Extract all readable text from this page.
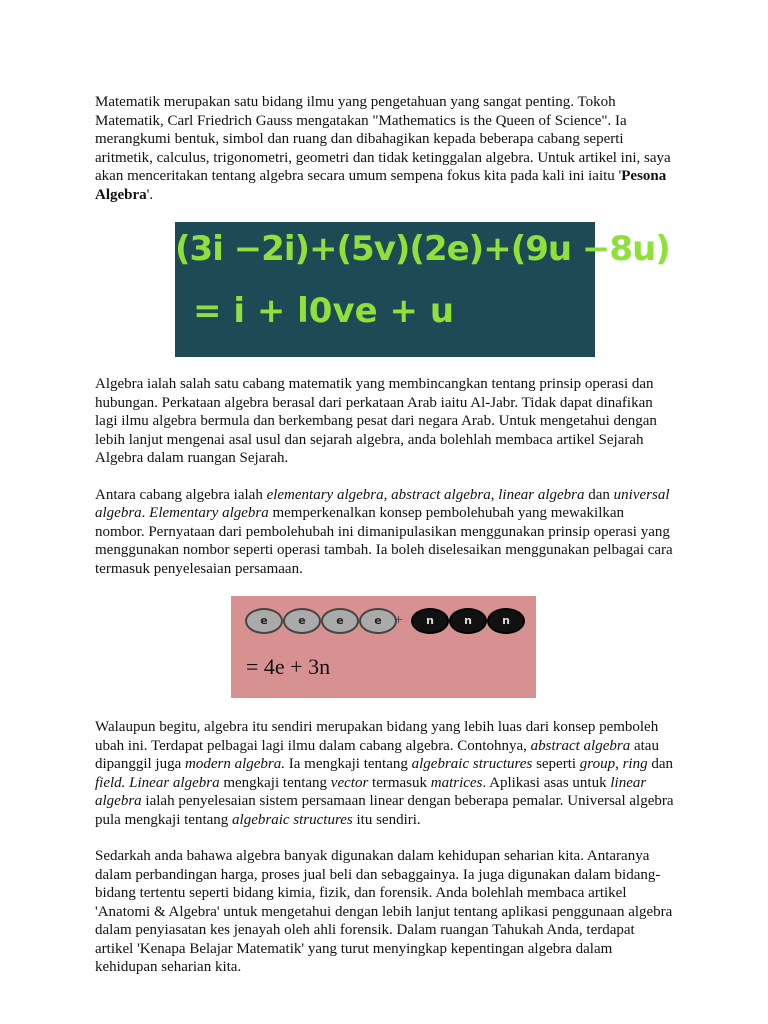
Matematik merupakan satu bidang ilmu yang pengetahuan yang sangat penting. Tokoh Matematik, Carl Friedrich Gauss mengatakan "Mathematics is the Queen of Science". Ia merangkumi bentuk, simbol dan ruang dan dibahagikan kepada beberapa cabang seperti aritmetik, calculus, trigonometri, geometri dan tidak ketinggalan algebra. Untuk artikel ini, saya akan menceritakan tentang algebra secara umum sempena fokus kita pada kali ini iaitu 'Pesona Algebra'.

(3i −2i)+(5v)(2e)+(9u −8u)
= i + l0ve + u

Algebra ialah salah satu cabang matematik yang membincangkan tentang prinsip operasi dan hubungan. Perkataan algebra berasal dari perkataan Arab iaitu Al-Jabr. Tidak dapat dinafikan lagi ilmu algebra bermula dan berkembang pesat dari negara Arab. Untuk mengetahui dengan lebih lanjut mengenai asal usul dan sejarah algebra, anda bolehlah membaca artikel Sejarah Algebra dalam ruangan Sejarah.

Antara cabang algebra ialah elementary algebra, abstract algebra, linear algebra dan universal algebra. Elementary algebra memperkenalkan konsep pembolehubah yang mewakilkan nombor. Pernyataan dari pembolehubah ini dimanipulasikan menggunakan prinsip operasi yang menggunakan nombor seperti operasi tambah. Ia boleh diselesaikan menggunakan pelbagai cara termasuk penyelesaian persamaan.

e	e	e	e +	n	n	n
= 4e + 3n

Walaupun begitu, algebra itu sendiri merupakan bidang yang lebih luas dari konsep pemboleh ubah ini. Terdapat pelbagai lagi ilmu dalam cabang algebra. Contohnya, abstract algebra atau dipanggil juga modern algebra. Ia mengkaji tentang algebraic structures seperti group, ring dan field. Linear algebra mengkaji tentang vector termasuk matrices. Aplikasi asas untuk linear algebra ialah penyelesaian sistem persamaan linear dengan beberapa pemalar. Universal algebra pula mengkaji tentang algebraic structures itu sendiri.

Sedarkah anda bahawa algebra banyak digunakan dalam kehidupan seharian kita. Antaranya dalam perbandingan harga, proses jual beli dan sebaggainya. Ia juga digunakan dalam bidang-bidang tertentu seperti bidang kimia, fizik, dan forensik. Anda bolehlah membaca artikel 'Anatomi & Algebra' untuk mengetahui dengan lebih lanjut tentang aplikasi penggunaan algebra dalam penyiasatan kes jenayah oleh ahli forensik. Dalam ruangan Tahukah Anda, terdapat artikel 'Kenapa Belajar Matematik' yang turut menyingkap kepentingan algebra dalam kehidupan seharian kita.
